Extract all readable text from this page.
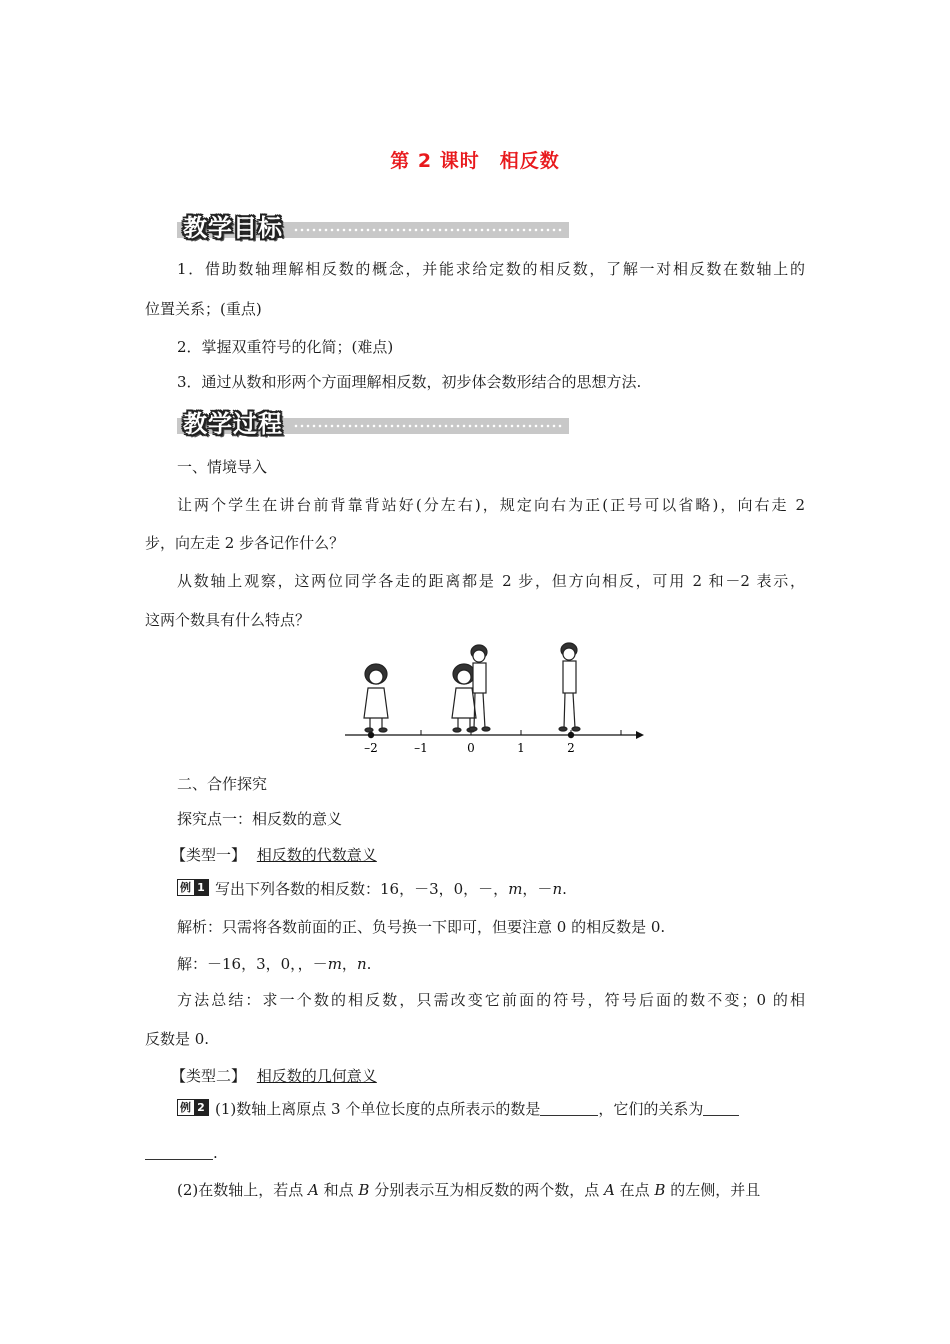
第 2 课时　相反数
教学目标
1．借助数轴理解相反数的概念，并能求给定数的相反数，了解一对相反数在数轴上的
位置关系；(重点)
2．掌握双重符号的化简；(难点)
3．通过从数和形两个方面理解相反数，初步体会数形结合的思想方法.
教学过程
一、情境导入
让两个学生在讲台前背靠背站好(分左右)，规定向右为正(正号可以省略)，向右走 2
步，向左走 2 步各记作什么？
从数轴上观察，这两位同学各走的距离都是 2 步，但方向相反，可用 2 和－2 表示，
这两个数具有什么特点？
–2	–1	0	1	2
二、合作探究
探究点一：相反数的意义
【类型一】 相反数的代数意义
例 1 写出下列各数的相反数：16，－3，0，－，m，－n.
解析：只需将各数前面的正、负号换一下即可，但要注意 0 的相反数是 0.
解：－16，3，0，，－m，n.
方法总结：求一个数的相反数，只需改变它前面的符号，符号后面的数不变；0 的相
反数是 0.
【类型二】 相反数的几何意义
例 2 (1)数轴上离原点 3 个单位长度的点所表示的数是	，它们的关系为
.
(2)在数轴上，若点 A 和点 B 分别表示互为相反数的两个数，点 A 在点 B 的左侧，并且
